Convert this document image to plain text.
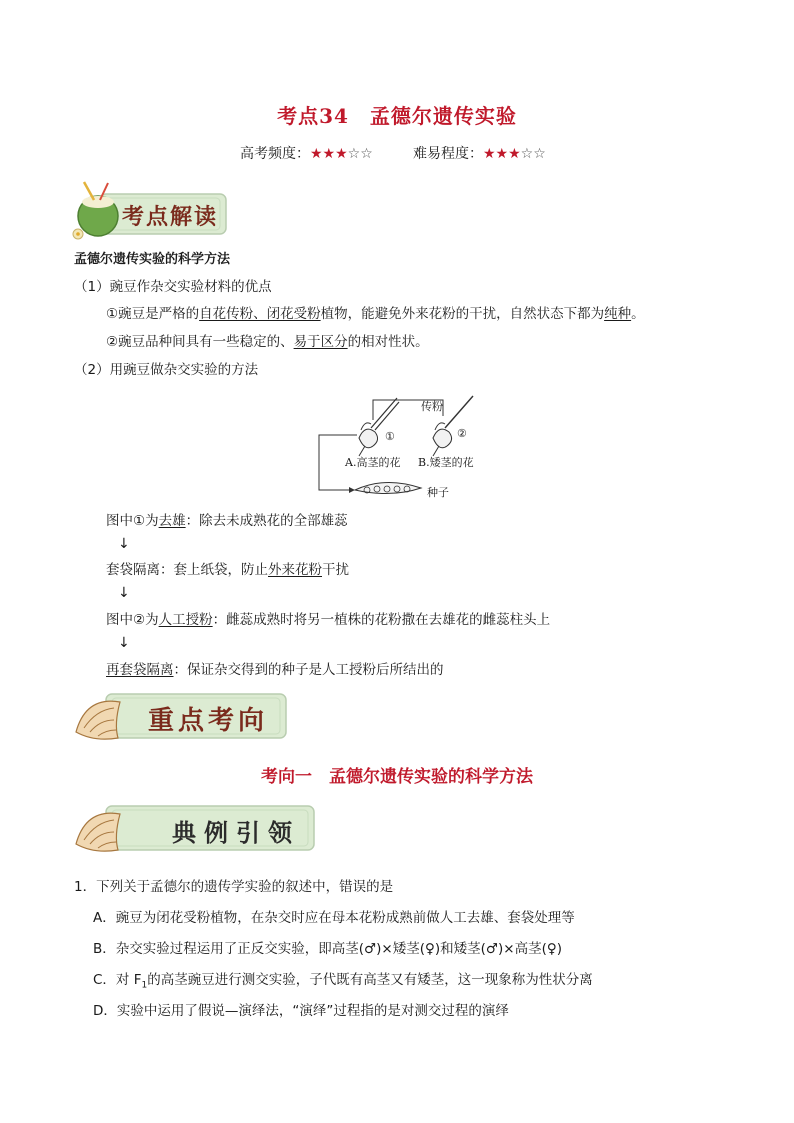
考点34　孟德尔遗传实验
高考频度：★★★☆☆	难易程度：★★★☆☆
考点解读
孟德尔遗传实验的科学方法
（1）豌豆作杂交实验材料的优点
①豌豆是严格的自花传粉、闭花受粉植物，能避免外来花粉的干扰，自然状态下都为纯种。
②豌豆品种间具有一些稳定的、易于区分的相对性状。
（2）用豌豆做杂交实验的方法
传粉
①	②
A.高茎的花 B.矮茎的花
种子
图中①为去雄：除去未成熟花的全部雄蕊
↓
套袋隔离：套上纸袋，防止外来花粉干扰
↓
图中②为人工授粉：雌蕊成熟时将另一植株的花粉撒在去雄花的雌蕊柱头上
↓
再套袋隔离：保证杂交得到的种子是人工授粉后所结出的
重点考向
考向一　孟德尔遗传实验的科学方法
典例引领
1．下列关于孟德尔的遗传学实验的叙述中，错误的是
A．豌豆为闭花受粉植物，在杂交时应在母本花粉成熟前做人工去雄、套袋处理等
B．杂交实验过程运用了正反交实验，即高茎(♂)×矮茎(♀)和矮茎(♂)×高茎(♀)
C．对 $F_1$的高茎豌豆进行测交实验，子代既有高茎又有矮茎，这一现象称为性状分离
D．实验中运用了假说—演绎法，“演绎”过程指的是对测交过程的演绎
